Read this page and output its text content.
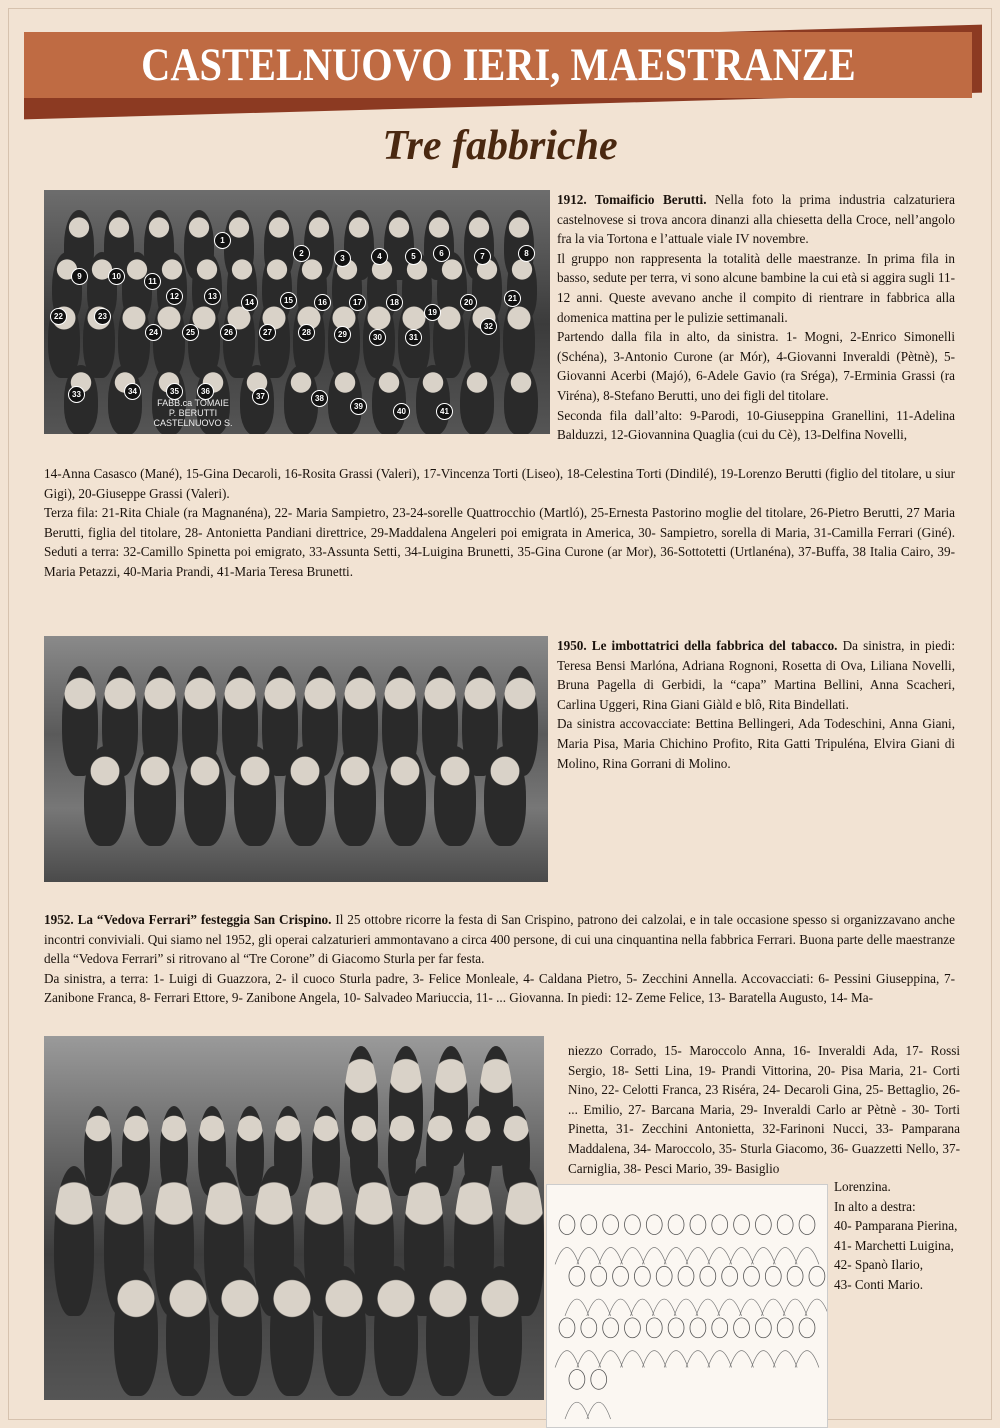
CASTELNUOVO IERI, MAESTRANZE
Tre fabbriche
1
2
3	4	5	6	7	8
9	10
11
12	13
14	15	16	17	18
19
20	21
22	23
24	25	26	27	28	29	30	31
32
33	34	35	36
37	38
39
40	41
FABB.ca TOMAIE
P. BERUTTI
CASTELNUOVO S.

1912. Tomaificio Berutti. Nella foto la prima industria calzaturiera castelnovese si trova ancora dinanzi alla chiesetta della Croce, nell’angolo fra la via Tortona e l’attuale viale IV novembre.

Il gruppo non rappresenta la totalità delle maestranze. In prima fila in basso, sedute per terra, vi sono alcune bambine la cui età si aggira sugli 11-12 anni. Queste avevano anche il compito di rientrare in fabbrica alla domenica mattina per le pulizie settimanali.

Partendo dalla fila in alto, da sinistra. 1- Mogni, 2-Enrico Simonelli (Schéna), 3-Antonio Curone (ar Mór), 4-Giovanni Inveraldi (Pètnè), 5-Giovanni Acerbi (Majó), 6-Adele Gavio (ra Sréga), 7-Erminia Grassi (ra Viréna), 8-Stefano Berutti, uno dei figli del titolare.

Seconda fila dall’alto: 9-Parodi, 10-Giuseppina Granellini, 11-Adelina Balduzzi, 12-Giovannina Quaglia (cui du Cè), 13-Delfina Novelli,

14-Anna Casasco (Mané), 15-Gina Decaroli, 16-Rosita Grassi (Valeri), 17-Vincenza Torti (Liseo), 18-Celestina Torti (Dindilé), 19-Lorenzo Berutti (figlio del titolare, u siur Gigi), 20-Giuseppe Grassi (Valeri).

Terza fila: 21-Rita Chiale (ra Magnanéna), 22- Maria Sampietro, 23-24-sorelle Quattrocchio (Martló), 25-Ernesta Pastorino moglie del titolare, 26-Pietro Berutti, 27 Maria Berutti, figlia del titolare, 28- Antonietta Pandiani direttrice, 29-Maddalena Angeleri poi emigrata in America, 30- Sampietro, sorella di Maria, 31-Camilla Ferrari (Giné). Seduti a terra: 32-Camillo Spinetta poi emigrato, 33-Assunta Setti, 34-Luigina Brunetti, 35-Gina Curone (ar Mor), 36-Sottotetti (Urtlanéna), 37-Buffa, 38 Italia Cairo, 39-Maria Petazzi, 40-Maria Prandi, 41-Maria Teresa Brunetti.

1950. Le imbottatrici della fabbrica del tabacco. Da sinistra, in piedi: Teresa Bensi Marlóna, Adriana Rognoni, Rosetta di Ova, Liliana Novelli, Bruna Pagella di Gerbidi, la “capa” Martina Bellini, Anna Scacheri, Carlina Uggeri, Rina Giani Giàld e blô, Rita Bindellati.

Da sinistra accovacciate: Bettina Bellingeri, Ada Todeschini, Anna Giani, Maria Pisa, Maria Chichino Profito, Rita Gatti Tripuléna, Elvira Giani di Molino, Rina Gorrani di Molino.

1952. La “Vedova Ferrari” festeggia San Crispino. Il 25 ottobre ricorre la festa di San Crispino, patrono dei calzolai, e in tale occasione spesso si organizzavano anche incontri conviviali. Qui siamo nel 1952, gli operai calzaturieri ammontavano a circa 400 persone, di cui una cinquantina nella fabbrica Ferrari. Buona parte delle maestranze della “Vedova Ferrari” si ritrovano al “Tre Corone” di Giacomo Sturla per far festa.

Da sinistra, a terra: 1- Luigi di Guazzora, 2- il cuoco Sturla padre, 3- Felice Monleale, 4- Caldana Pietro, 5- Zecchini Annella. Accovacciati: 6- Pessini Giuseppina, 7- Zanibone Franca, 8- Ferrari Ettore, 9- Zanibone Angela, 10- Salvadeo Mariuccia, 11- ... Giovanna. In piedi: 12- Zeme Felice, 13- Baratella Augusto, 14- Ma-

niezzo Corrado, 15- Maroccolo Anna, 16- Inveraldi Ada, 17- Rossi Sergio, 18- Setti Lina, 19- Prandi Vittorina, 20- Pisa Maria, 21- Corti Nino, 22- Celotti Franca, 23 Riséra, 24- Decaroli Gina, 25- Bettaglio, 26- ... Emilio, 27- Barcana Maria, 29- Inveraldi Carlo ar Pètnè - 30- Torti Pinetta, 31- Zecchini Antonietta, 32-Farinoni Nucci, 33- Pamparana Maddalena, 34- Maroccolo, 35- Sturla Giacomo, 36- Guazzetti Nello, 37- Carniglia, 38- Pesci Mario, 39- Basiglio

Lorenzina.

In alto a destra:

40- Pamparana Pierina,

41- Marchetti Luigina,

42- Spanò Ilario,

43- Conti Mario.
